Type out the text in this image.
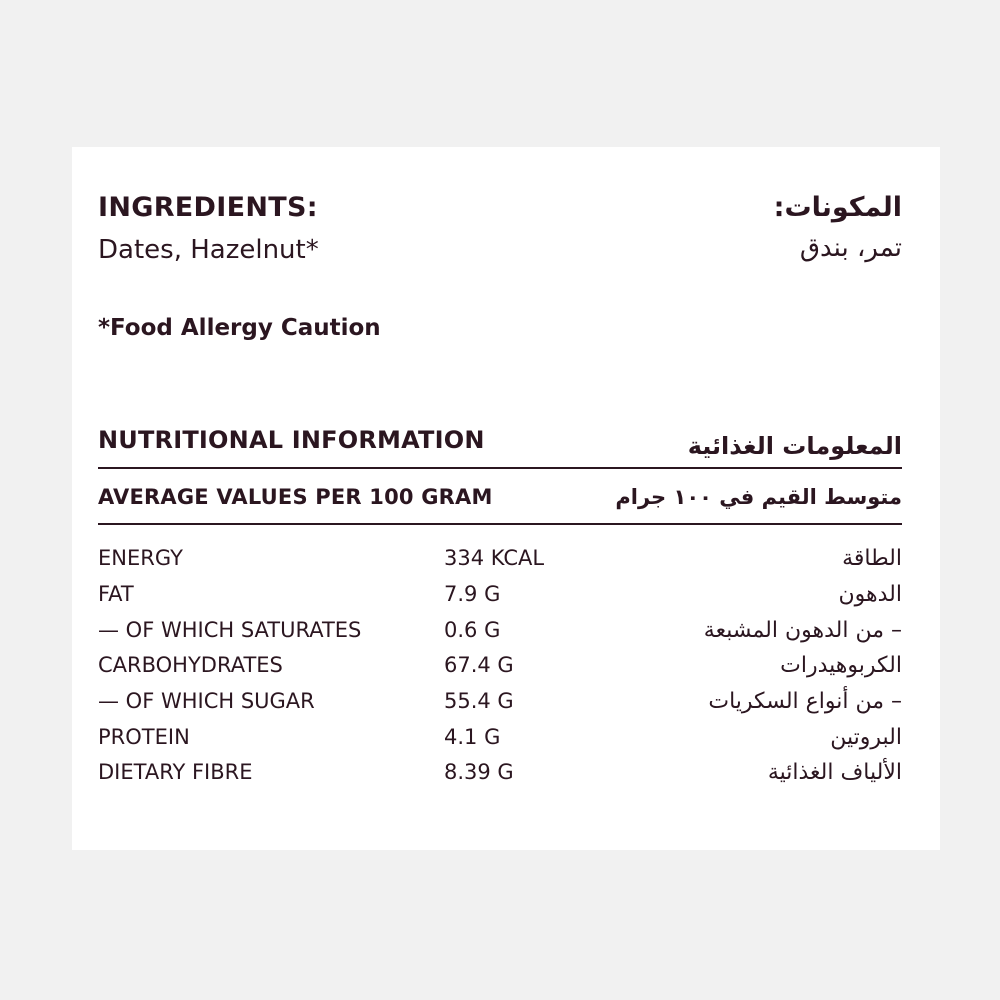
INGREDIENTS:	المكونات:
Dates, Hazelnut*	تمر، بندق
*Food Allergy Caution
NUTRITIONAL INFORMATION	المعلومات الغذائية
AVERAGE VALUES PER 100 GRAM	متوسط القيم في ١٠٠ جرام
ENERGY	334 KCAL	الطاقة
FAT	7.9 G	الدهون
— OF WHICH SATURATES	0.6 G	– من الدهون المشبعة
CARBOHYDRATES	67.4 G	الكربوهيدرات
— OF WHICH SUGAR	55.4 G	– من أنواع السكريات
PROTEIN	4.1 G	البروتين
DIETARY FIBRE	8.39 G	الألياف الغذائية
